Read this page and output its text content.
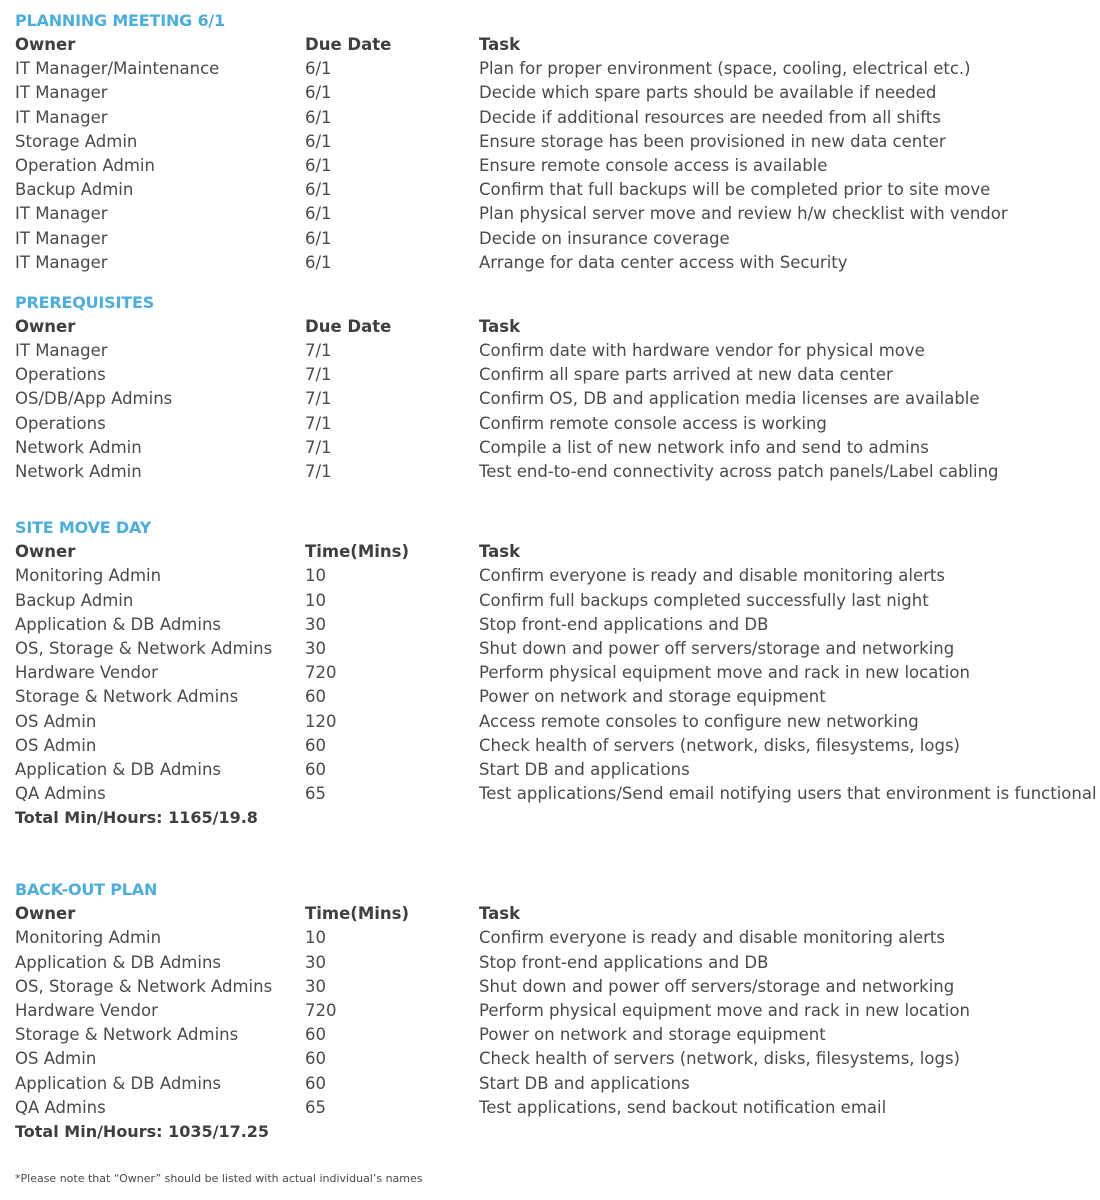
PLANNING MEETING 6/1
Owner	Due Date	Task
IT Manager/Maintenance	6/1	Plan for proper environment (space, cooling, electrical etc.)
IT Manager	6/1	Decide which spare parts should be available if needed
IT Manager	6/1	Decide if additional resources are needed from all shifts
Storage Admin	6/1	Ensure storage has been provisioned in new data center
Operation Admin	6/1	Ensure remote console access is available
Backup Admin	6/1	Confirm that full backups will be completed prior to site move
IT Manager	6/1	Plan physical server move and review h/w checklist with vendor
IT Manager	6/1	Decide on insurance coverage
IT Manager	6/1	Arrange for data center access with Security
PREREQUISITES
Owner	Due Date	Task
IT Manager	7/1	Confirm date with hardware vendor for physical move
Operations	7/1	Confirm all spare parts arrived at new data center
OS/DB/App Admins	7/1	Confirm OS, DB and application media licenses are available
Operations	7/1	Confirm remote console access is working
Network Admin	7/1	Compile a list of new network info and send to admins
Network Admin	7/1	Test end-to-end connectivity across patch panels/Label cabling
SITE MOVE DAY
Owner	Time(Mins)	Task
Monitoring Admin	10	Confirm everyone is ready and disable monitoring alerts
Backup Admin	10	Confirm full backups completed successfully last night
Application & DB Admins	30	Stop front-end applications and DB
OS, Storage & Network Admins	30	Shut down and power off servers/storage and networking
Hardware Vendor	720	Perform physical equipment move and rack in new location
Storage & Network Admins	60	Power on network and storage equipment
OS Admin	120	Access remote consoles to configure new networking
OS Admin	60	Check health of servers (network, disks, filesystems, logs)
Application & DB Admins	60	Start DB and applications
QA Admins	65	Test applications/Send email notifying users that environment is functional
Total Min/Hours: 1165/19.8
BACK-OUT PLAN
Owner	Time(Mins)	Task
Monitoring Admin	10	Confirm everyone is ready and disable monitoring alerts
Application & DB Admins	30	Stop front-end applications and DB
OS, Storage & Network Admins	30	Shut down and power off servers/storage and networking
Hardware Vendor	720	Perform physical equipment move and rack in new location
Storage & Network Admins	60	Power on network and storage equipment
OS Admin	60	Check health of servers (network, disks, filesystems, logs)
Application & DB Admins	60	Start DB and applications
QA Admins	65	Test applications, send backout notification email
Total Min/Hours: 1035/17.25
*Please note that “Owner” should be listed with actual individual’s names
